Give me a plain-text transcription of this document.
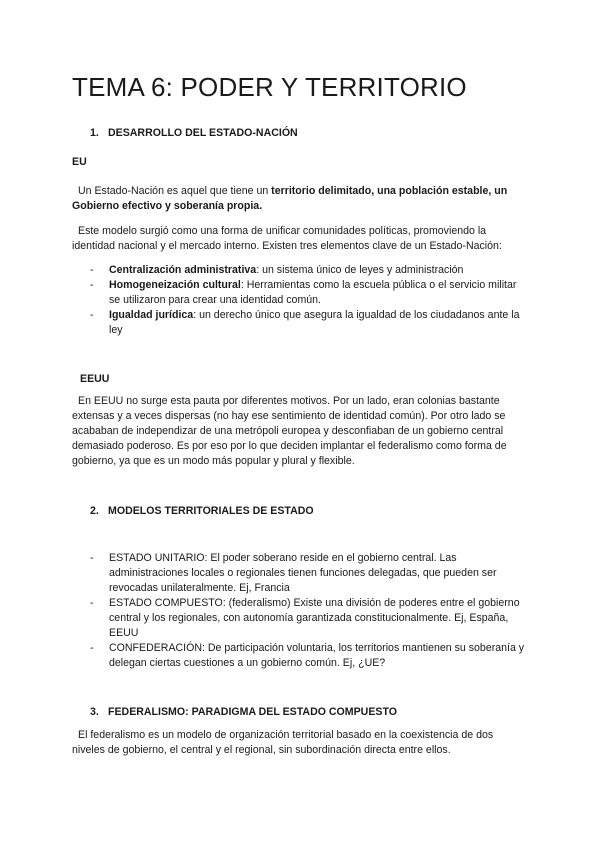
TEMA 6: PODER Y TERRITORIO
1. DESARROLLO DEL ESTADO-NACIÓN
EU

Un Estado-Nación es aquel que tiene un territorio delimitado, una población estable, un Gobierno efectivo y soberanía propia.

Este modelo surgió como una forma de unificar comunidades políticas, promoviendo la identidad nacional y el mercado interno. Existen tres elementos clave de un Estado-Nación:

- Centralización administrativa: un sistema único de leyes y administración
- Homogeneización cultural: Herramientas como la escuela pública o el servicio militar se utilizaron para crear una identidad común.
- Igualdad jurídica: un derecho único que asegura la igualdad de los ciudadanos ante la ley
EEUU

En EEUU no surge esta pauta por diferentes motivos. Por un lado, eran colonias bastante extensas y a veces dispersas (no hay ese sentimiento de identidad común). Por otro lado se acababan de independizar de una metrópoli europea y desconfiaban de un gobierno central demasiado poderoso. Es por eso por lo que deciden implantar el federalismo como forma de gobierno, ya que es un modo más popular y plural y flexible.

2. MODELOS TERRITORIALES DE ESTADO
- ESTADO UNITARIO: El poder soberano reside en el gobierno central. Las administraciones locales o regionales tienen funciones delegadas, que pueden ser revocadas unilateralmente. Ej, Francia
- ESTADO COMPUESTO: (federalismo) Existe una división de poderes entre el gobierno central y los regionales, con autonomía garantizada constitucionalmente. Ej, España, EEUU
- CONFEDERACIÓN: De participación voluntaria, los territorios mantienen su soberanía y delegan ciertas cuestiones a un gobierno común. Ej, ¿UE?
3. FEDERALISMO: PARADIGMA DEL ESTADO COMPUESTO

El federalismo es un modelo de organización territorial basado en la coexistencia de dos niveles de gobierno, el central y el regional, sin subordinación directa entre ellos.
